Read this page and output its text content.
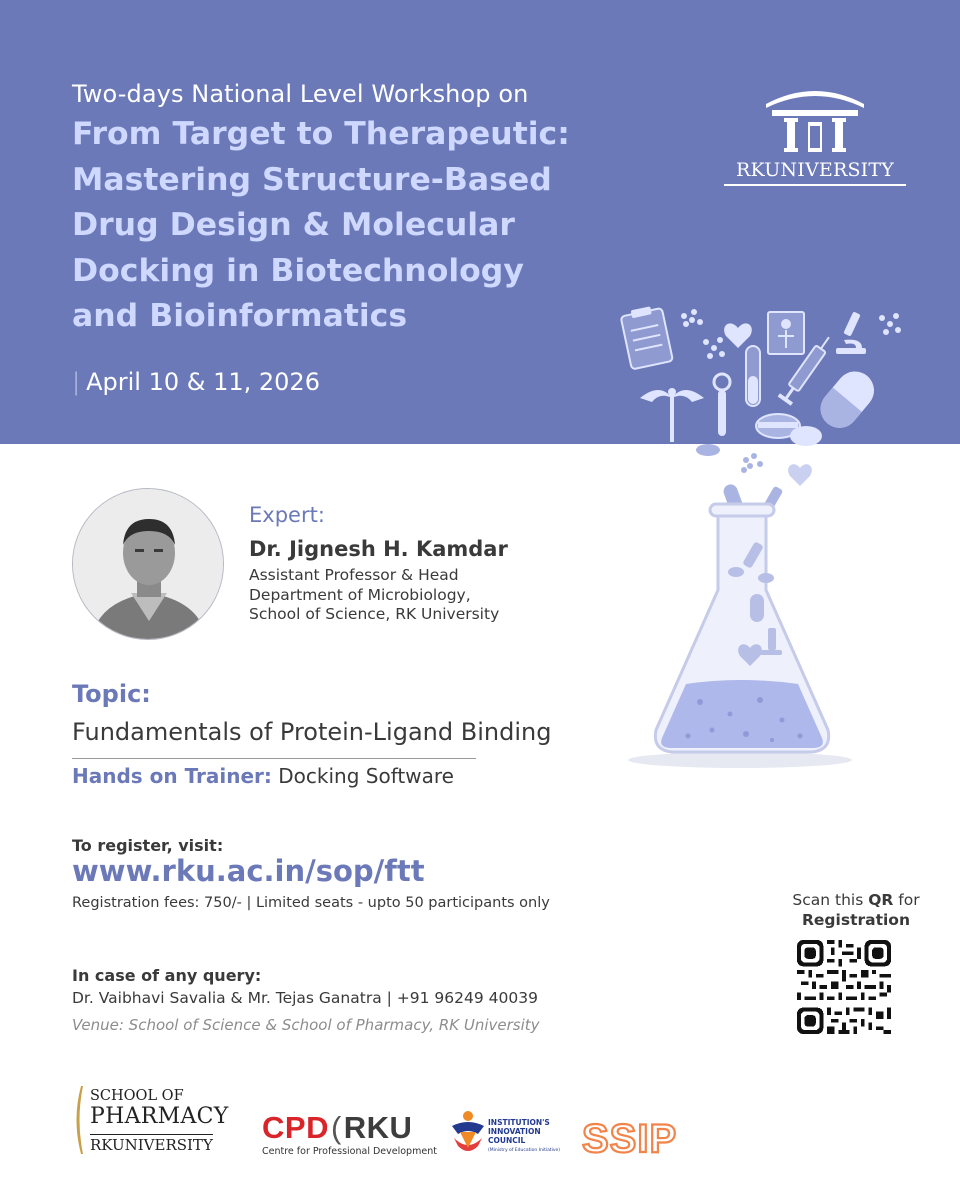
Two-days National Level Workshop on
From Target to Therapeutic:
Mastering Structure-Based
Drug Design & Molecular
Docking in Biotechnology
and Bioinformatics
| April 10 & 11, 2026
RKUNIVERSITY
Expert:
Dr. Jignesh H. Kamdar
Assistant Professor & Head
Department of Microbiology,
School of Science, RK University
Topic:
Fundamentals of Protein-Ligand Binding
Hands on Trainer: Docking Software
To register, visit:
www.rku.ac.in/sop/ftt
Registration fees: 750/- | Limited seats - upto 50 participants only
In case of any query:
Dr. Vaibhavi Savalia & Mr. Tejas Ganatra | +91 96249 40039
Venue: School of Science & School of Pharmacy, RK University
Scan this QR for
Registration
SCHOOL OF
PHARMACY
RKUNIVERSITY CPD(RKU
Centre for Professional Development
INSTITUTION'S
INNOVATION
COUNCIL
(Ministry of Education Initiative) SSIP
